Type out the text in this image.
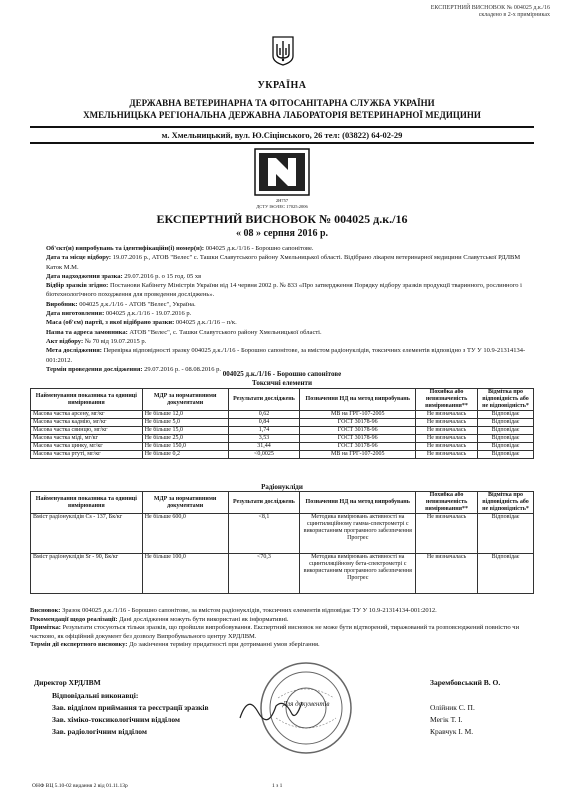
ЕКСПЕРТНИЙ ВИСНОВОК № 004025 д.к./16
складено в 2-х примірниках
УКРАЇНА
ДЕРЖАВНА ВЕТЕРИНАРНА ТА ФІТОСАНІТАРНА СЛУЖБА УКРАЇНИ
ХМЕЛЬНИЦЬКА РЕГІОНАЛЬНА ДЕРЖАВНА ЛАБОРАТОРІЯ ВЕТЕРИНАРНОЇ МЕДИЦИНИ
м. Хмельницький, вул. Ю.Сіцінського, 26 тел: (03822) 64-02-29
2H757
ДСТУ ISO/IEC 17025:2006
ЕКСПЕРТНИЙ ВИСНОВОК № 004025 д.к./16
« 08 » серпня 2016 р.
Об'єкт(и) випробувань та ідентифікаційн(і) номер(н): 004025 д.к./1/16 - Борошно сапонітове.
Дата та місце відбору: 19.07.2016 р., АТОВ "Велес" с. Ташки Славутського району Хмельницької області. Відібрано лікарем ветеринарної медицини Славутської РДЛВМ Каток М.М.
Дата надходження зразка: 29.07.2016 р. о 15 год. 05 хв
Відбір зразків згідно: Постанови Кабінету Міністрів України від 14 червня 2002 р. № 833 «Про затвердження Порядку відбору зразків продукції тваринного, рослинного і біотехнологічного походження для проведення досліджень».
Виробник: 004025 д.к./1/16 - АТОВ "Велес", Україна.
Дата виготовлення: 004025 д.к./1/16 - 19.07.2016 р.
Маса (об'єм) партії, з якої відібрано зразки: 004025 д.к./1/16 – п/к.
Назва та адреса замовника: АТОВ "Велес", с. Ташки Славутського району Хмельницької області.
Акт відбору: № 70 від 19.07.2015 р.
Мета дослідження: Перевірка відповідності зразку 004025 д.к./1/16 - Борошно сапонітове, за вмістом радіонуклідів, токсичних елементів відповідно з ТУ У 10.9-21314134-001:2012.
Термін проведення дослідження: 29.07.2016 р. - 08.08.2016 р.
004025 д.к./1/16 - Борошно сапонітове
Токсичні елементи
Найменування показника та одиниці вимірювання	МДР за нормативними документами	Результати досліджень	Позначення НД на метод випробувань	Похибка або невизначеність вимірювання**	Відмітка про відповідність або не відповідність*
Масова частка арсену, мг/кг	Не більше 12,0	0,62	МВ на ГРГ-107-2005	Не визначалась	Відповідає
Масова частка кадмію, мг/кг	Не більше 5,0	0,84	ГОСТ 30178-96	Не визначалась	Відповідає
Масова частка свинцю, мг/кг	Не більше 15,0	1,74	ГОСТ 30178-96	Не визначалась	Відповідає
Масова частка міді, мг/кг	Не більше 25,0	3,53	ГОСТ 30178-96	Не визначалась	Відповідає
Масова частка цинку, мг/кг	Не більше 150,0	31,44	ГОСТ 30178-96	Не визначалась	Відповідає
Масова частка ртуті, мг/кг	Не більше 0,2	<0,0025	МВ на ГРГ-107-2005	Не визначалась	Відповідає
Радіонукліди
Найменування показника та одиниці вимірювання	МДР за нормативними документами	Результати досліджень	Позначення НД на метод випробувань	Похибка або невизначеність вимірювання**	Відмітка про відповідність або не відповідність*
Вміст радіонуклідів Cs - 137, Бк/кг	Не більше 600,0	<8,1	Методика вимірювань активності на сцинтиляційному гамма-спектрометрі с використанням програмного забезпечення Прогрес	Не визначалась	Відповідає
Вміст радіонуклідів Sr - 90, Бк/кг	Не більше 100,0	<70,3	Методика вимірювань активності на сцинтиляційному бета-спектрометрі с використанням програмного забезпечення Прогрес	Не визначалась	Відповідає
Висновок: Зразок 004025 д.к./1/16 - Борошно сапонітове, за вмістом радіонуклідів, токсичних елементів відповідає ТУ У 10.9-21314134-001:2012.
Рекомендації щодо реалізації: Дані дослідження можуть бути використані як інформативні.
Примітка: Результати стосуються тільки зразків, що пройшли випробовування. Експертний висновок не може бути відтворений, тиражований та розповсюджений повністю чи частково, як офіційний документ без дозволу Випробувального центру ХРДЛВМ.
Термін дії експертного висновку: До закінчення терміну придатності при дотриманні умов зберігання.
Директор ХРДЛВМ	Зарембовський В. О.
Відповідальні виконавці:
Зав. відділом приймання та реєстрації зразків
Зав. хіміко-токсикологічним відділом
Зав. радіологічним відділом
Олійник С. П.
Мегік Т. І.
Кравчук І. М.
Для документів
ОНФ ВЦ 5.10-02 видання 2 від 01.11.13р	1 з 1
